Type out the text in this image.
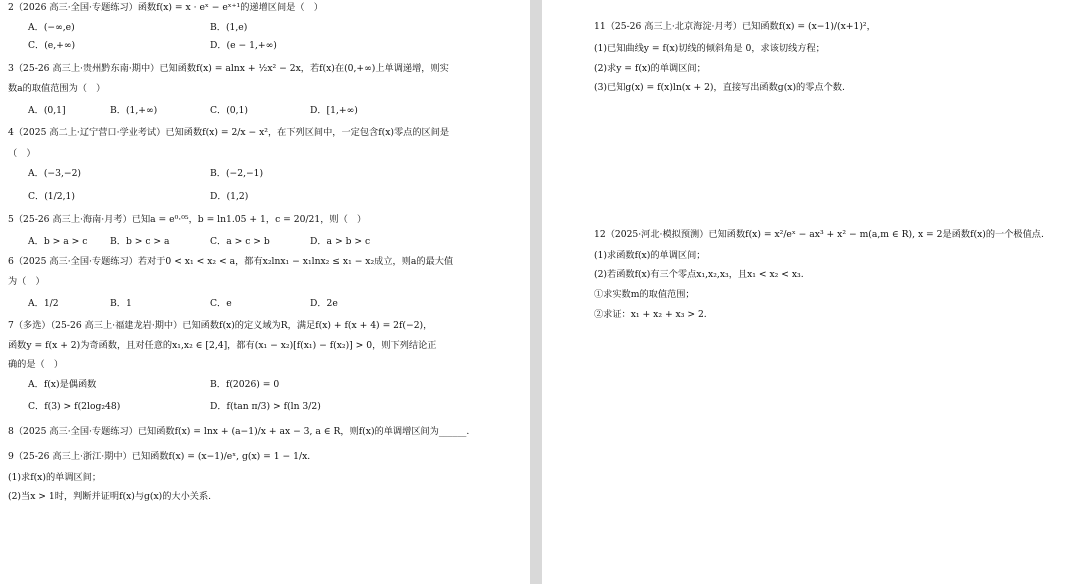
2（2026 高三·全国·专题练习）函数f(x) = x · eˣ − eˣ⁺¹的递增区间是（　）
A．(−∞,e)	B．(1,e)
C．(e,+∞)	D．(e − 1,+∞)
3（25-26 高三上·贵州黔东南·期中）已知函数f(x) = alnx + ½x² − 2x，若f(x)在(0,+∞)上单调递增，则实
数a的取值范围为（　）
A．(0,1]	B．(1,+∞)	C．(0,1)	D．[1,+∞)
4（2025 高二上·辽宁营口·学业考试）已知函数f(x) = 2/x − x²，在下列区间中，一定包含f(x)零点的区间是
（　）
A．(−3,−2)	B．(−2,−1)
C．(1/2,1)	D．(1,2)
5（25-26 高三上·海南·月考）已知a = e⁰·⁰⁵，b = ln1.05 + 1，c = 20/21，则（　）
A．b > a > c B．b > c > a	C．a > c > b	D．a > b > c
6（2025 高三·全国·专题练习）若对于0 < x₁ < x₂ < a，都有x₂lnx₁ − x₁lnx₂ ≤ x₁ − x₂成立，则a的最大值
为（　）
A．1/2	B．1	C．e	D．2e
7（多选）（25-26 高三上·福建龙岩·期中）已知函数f(x)的定义域为R，满足f(x) + f(x + 4) = 2f(−2)，
函数y = f(x + 2)为奇函数，且对任意的x₁,x₂ ∈ [2,4]，都有(x₁ − x₂)[f(x₁) − f(x₂)] > 0，则下列结论正
确的是（　）
A．f(x)是偶函数	B．f(2026) = 0
C．f(3) > f(2log₂48)	D．f(tan π/3) > f(ln 3/2)
8（2025 高三·全国·专题练习）已知函数f(x) = lnx + (a−1)/x + ax − 3, a ∈ R，则f(x)的单调增区间为______.
9（25-26 高三上·浙江·期中）已知函数f(x) = (x−1)/eˣ, g(x) = 1 − 1/x.
(1)求f(x)的单调区间；
(2)当x > 1时，判断并证明f(x)与g(x)的大小关系.
11（25-26 高三上·北京海淀·月考）已知函数f(x) = (x−1)/(x+1)²，
(1)已知曲线y = f(x)切线的倾斜角是 0，求该切线方程；
(2)求y = f(x)的单调区间；
(3)已知g(x) = f(x)ln(x + 2)，直接写出函数g(x)的零点个数.
12（2025·河北·模拟预测）已知函数f(x) = x²/eˣ − ax³ + x² − m(a,m ∈ R), x = 2是函数f(x)的一个极值点.
(1)求函数f(x)的单调区间；
(2)若函数f(x)有三个零点x₁,x₂,x₃，且x₁ < x₂ < x₃.
①求实数m的取值范围；
②求证：x₁ + x₂ + x₃ > 2.
